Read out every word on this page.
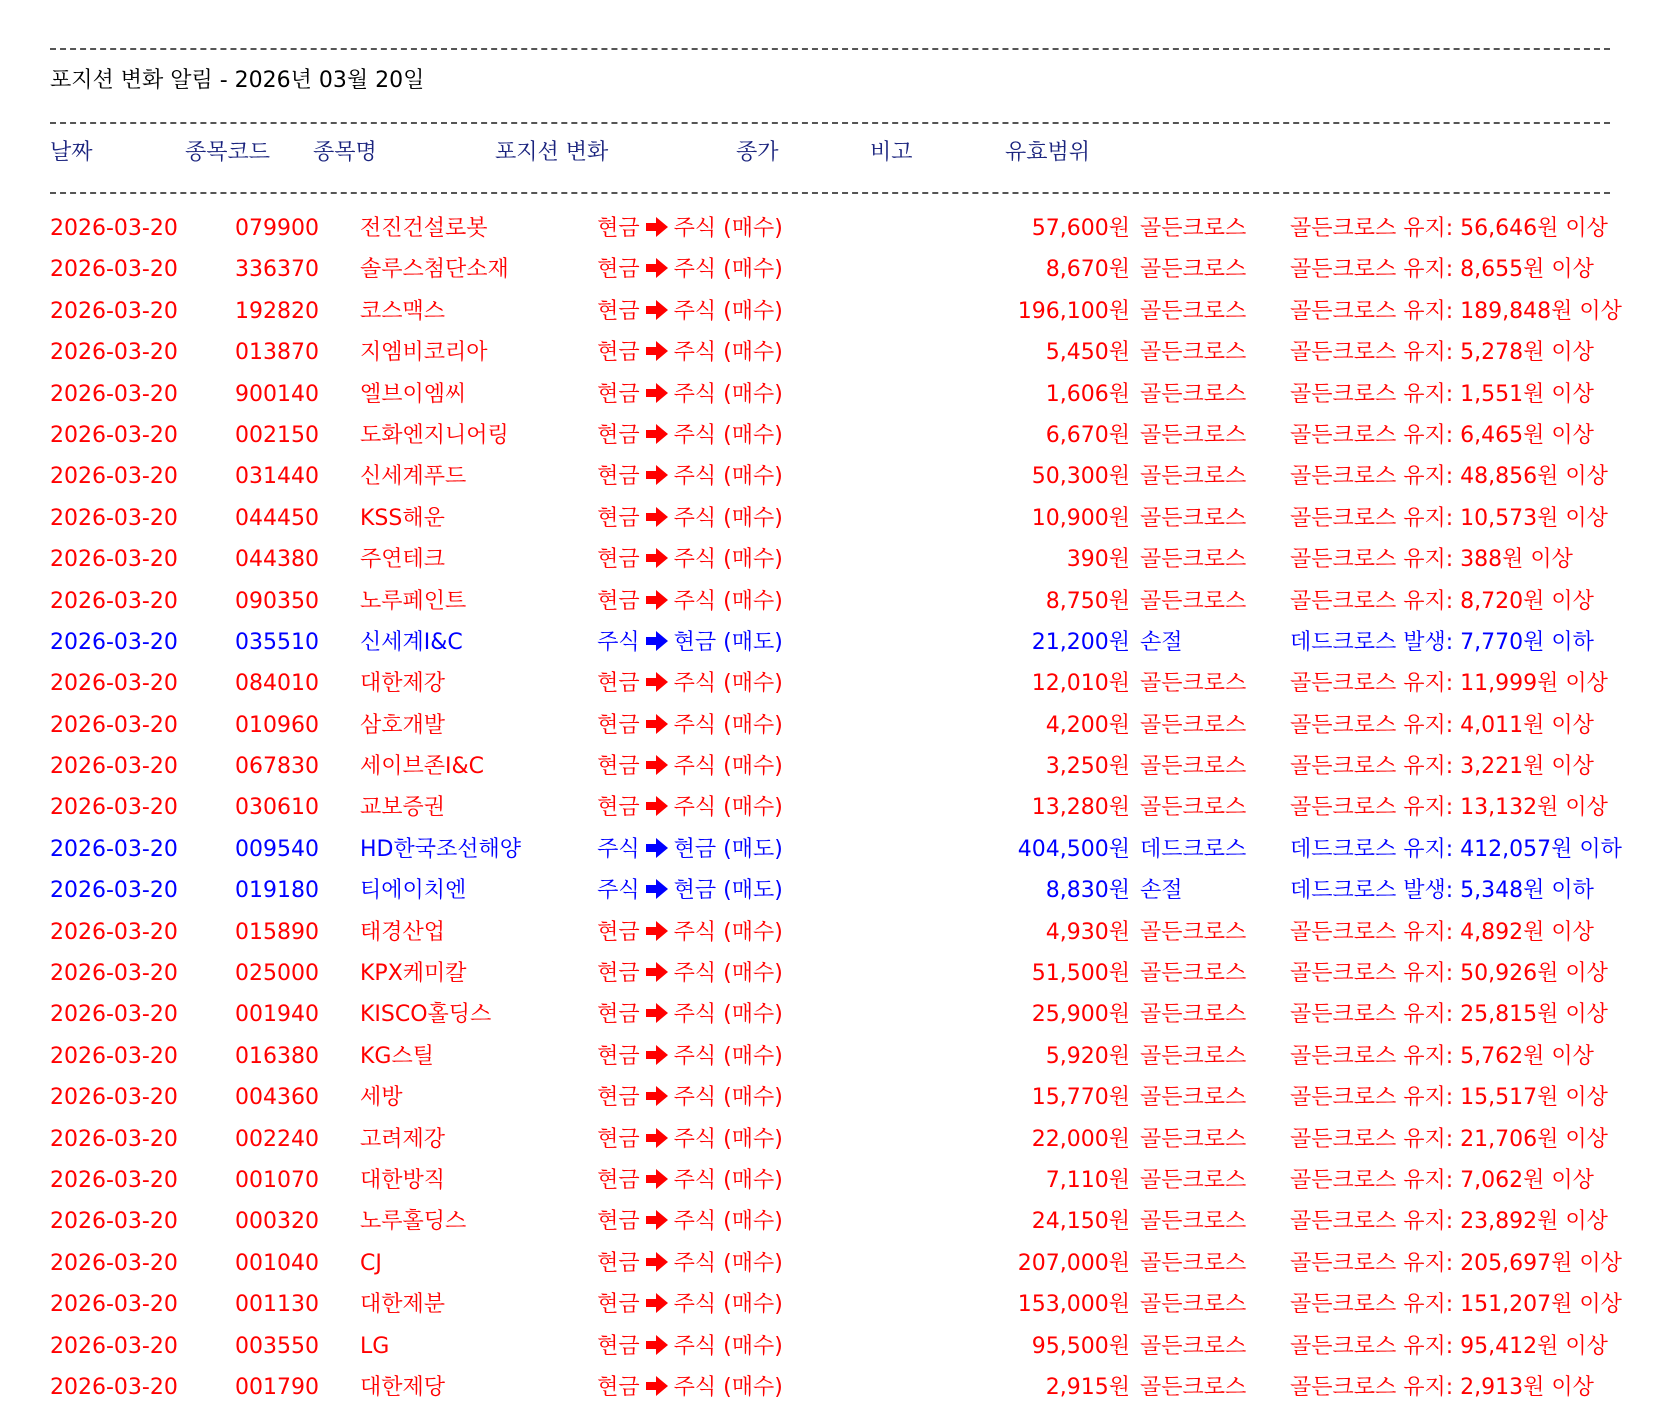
포지션 변화 알림 - 2026년 03월 20일
날짜	종목코드 종목명	포지션 변화	종가	비고	유효범위
2026-03-20	079900 전진건설로봇	현금 주식 (매수)	57,600원 골든크로스 골든크로스 유지: 56,646원 이상
2026-03-20	336370 솔루스첨단소재	현금 주식 (매수)	8,670원 골든크로스 골든크로스 유지: 8,655원 이상
2026-03-20	192820 코스맥스	현금 주식 (매수)	196,100원 골든크로스 골든크로스 유지: 189,848원 이상
2026-03-20	013870 지엠비코리아	현금 주식 (매수)	5,450원 골든크로스 골든크로스 유지: 5,278원 이상
2026-03-20	900140 엘브이엠씨	현금 주식 (매수)	1,606원 골든크로스 골든크로스 유지: 1,551원 이상
2026-03-20	002150 도화엔지니어링	현금 주식 (매수)	6,670원 골든크로스 골든크로스 유지: 6,465원 이상
2026-03-20	031440 신세계푸드	현금 주식 (매수)	50,300원 골든크로스 골든크로스 유지: 48,856원 이상
2026-03-20	044450 KSS해운	현금 주식 (매수)	10,900원 골든크로스 골든크로스 유지: 10,573원 이상
2026-03-20	044380 주연테크	현금 주식 (매수)	390원 골든크로스 골든크로스 유지: 388원 이상
2026-03-20	090350 노루페인트	현금 주식 (매수)	8,750원 골든크로스 골든크로스 유지: 8,720원 이상
2026-03-20	035510 신세계I&C	주식 현금 (매도)	21,200원 손절	데드크로스 발생: 7,770원 이하
2026-03-20	084010 대한제강	현금 주식 (매수)	12,010원 골든크로스 골든크로스 유지: 11,999원 이상
2026-03-20	010960 삼호개발	현금 주식 (매수)	4,200원 골든크로스 골든크로스 유지: 4,011원 이상
2026-03-20	067830 세이브존I&C	현금 주식 (매수)	3,250원 골든크로스 골든크로스 유지: 3,221원 이상
2026-03-20	030610 교보증권	현금 주식 (매수)	13,280원 골든크로스 골든크로스 유지: 13,132원 이상
2026-03-20	009540 HD한국조선해양	주식 현금 (매도)	404,500원 데드크로스 데드크로스 유지: 412,057원 이하
2026-03-20	019180 티에이치엔	주식 현금 (매도)	8,830원 손절	데드크로스 발생: 5,348원 이하
2026-03-20	015890 태경산업	현금 주식 (매수)	4,930원 골든크로스 골든크로스 유지: 4,892원 이상
2026-03-20	025000 KPX케미칼	현금 주식 (매수)	51,500원 골든크로스 골든크로스 유지: 50,926원 이상
2026-03-20	001940 KISCO홀딩스	현금 주식 (매수)	25,900원 골든크로스 골든크로스 유지: 25,815원 이상
2026-03-20	016380 KG스틸	현금 주식 (매수)	5,920원 골든크로스 골든크로스 유지: 5,762원 이상
2026-03-20	004360 세방	현금 주식 (매수)	15,770원 골든크로스 골든크로스 유지: 15,517원 이상
2026-03-20	002240 고려제강	현금 주식 (매수)	22,000원 골든크로스 골든크로스 유지: 21,706원 이상
2026-03-20	001070 대한방직	현금 주식 (매수)	7,110원 골든크로스 골든크로스 유지: 7,062원 이상
2026-03-20	000320 노루홀딩스	현금 주식 (매수)	24,150원 골든크로스 골든크로스 유지: 23,892원 이상
2026-03-20	001040 CJ	현금 주식 (매수)	207,000원 골든크로스 골든크로스 유지: 205,697원 이상
2026-03-20	001130 대한제분	현금 주식 (매수)	153,000원 골든크로스 골든크로스 유지: 151,207원 이상
2026-03-20	003550 LG	현금 주식 (매수)	95,500원 골든크로스 골든크로스 유지: 95,412원 이상
2026-03-20	001790 대한제당	현금 주식 (매수)	2,915원 골든크로스 골든크로스 유지: 2,913원 이상
